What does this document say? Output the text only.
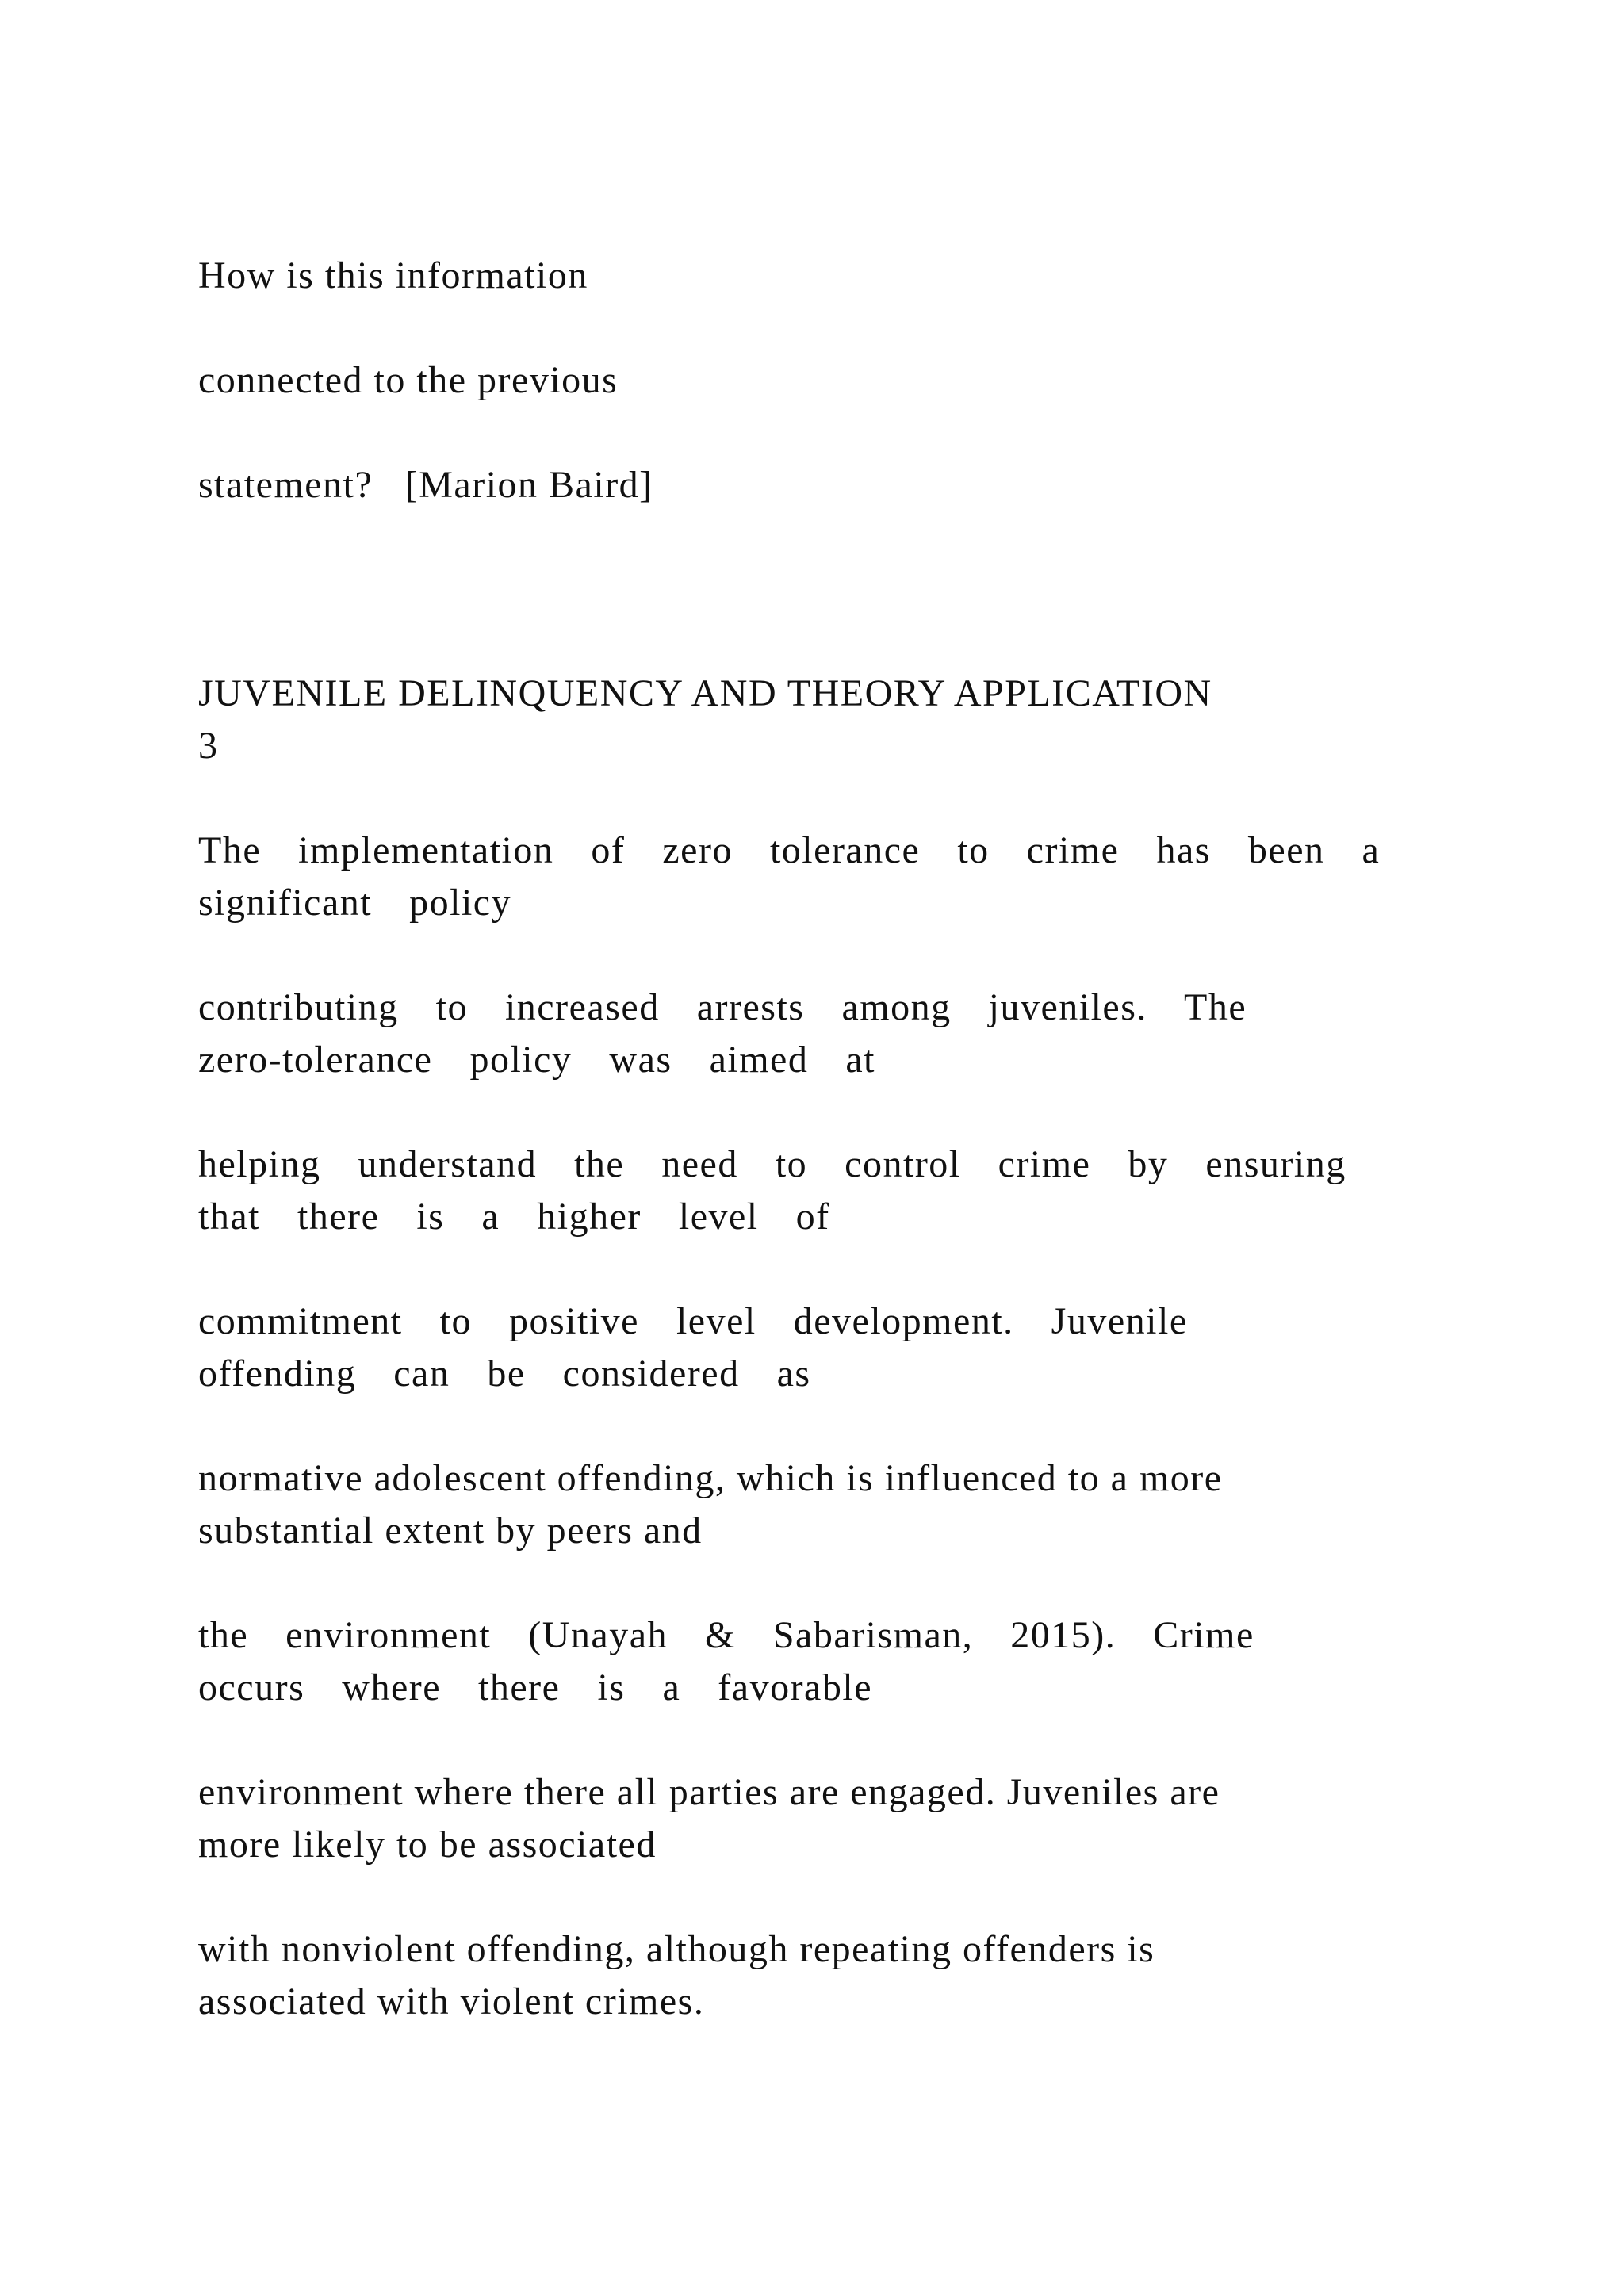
How is this information

connected to the previous

statement?   [Marion Baird]

JUVENILE DELINQUENCY AND THEORY APPLICATION

3

The  implementation  of  zero  tolerance  to  crime  has  been  a

significant  policy

contributing  to  increased  arrests  among  juveniles.  The

zero-tolerance  policy  was  aimed  at

helping  understand  the  need  to  control  crime  by  ensuring

that  there  is  a  higher  level  of

commitment  to  positive  level  development.  Juvenile

offending  can  be  considered  as

normative adolescent offending, which is influenced to a more

substantial extent by peers and

the  environment  (Unayah  &  Sabarisman,  2015).  Crime

occurs  where  there  is  a  favorable

environment where there all parties are engaged. Juveniles are

more likely to be associated

with nonviolent offending, although repeating offenders is

associated with violent crimes.
